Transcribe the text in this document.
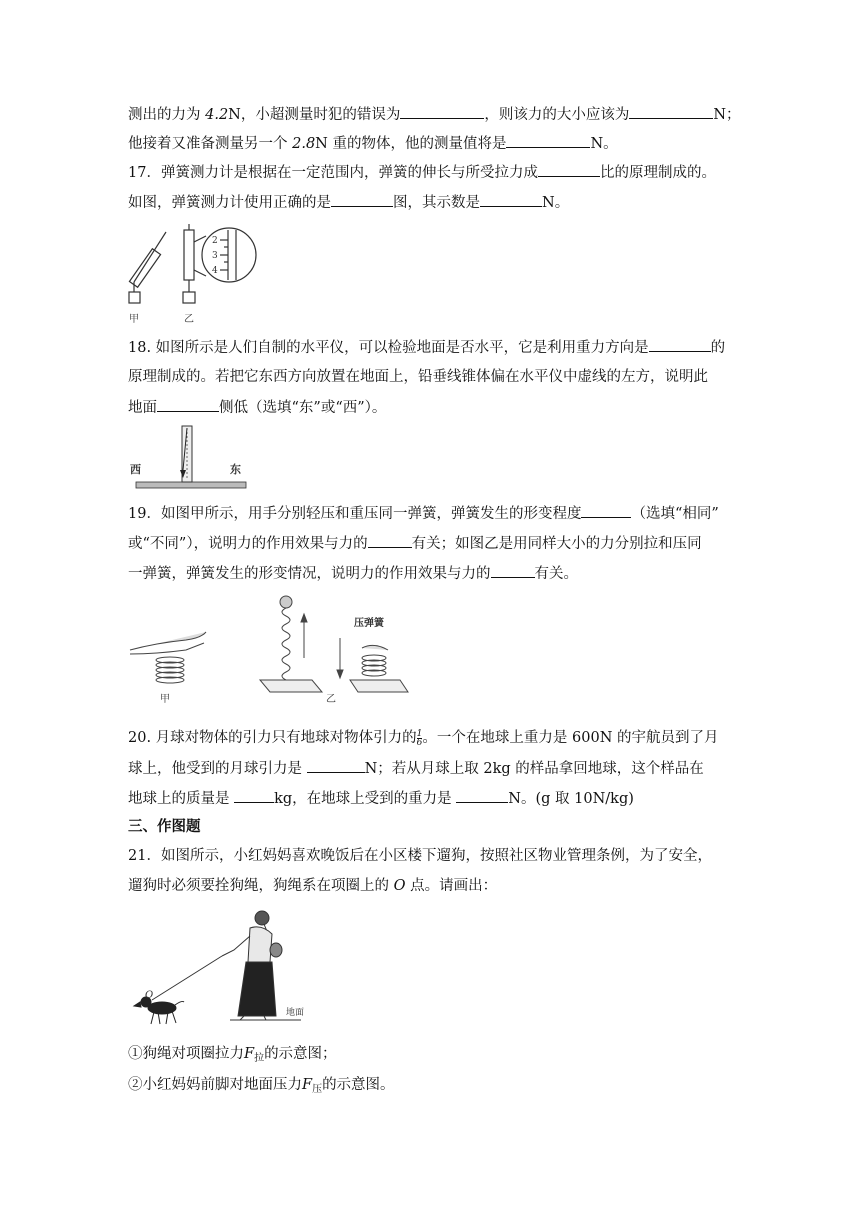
测出的力为 4.2N，小超测量时犯的错误为	，则该力的大小应该为	N；
他接着又准备测量另一个 2.8N 重的物体，他的测量值将是	N。
17．弹簧测力计是根据在一定范围内，弹簧的伸长与所受拉力成	比的原理制成的。
如图，弹簧测力计使用正确的是	图，其示数是	N。
2
3
4
甲	乙
18. 如图所示是人们自制的水平仪，可以检验地面是否水平，它是利用重力方向是	的
原理制成的。若把它东西方向放置在地面上，铅垂线锥体偏在水平仪中虚线的左方，说明此
地面	侧低（选填“东”或“西”）。
西	东
19．如图甲所示，用手分别轻压和重压同一弹簧，弹簧发生的形变程度	（选填“相同”
或“不同”），说明力的作用效果与力的	有关；如图乙是用同样大小的力分别拉和压同
一弹簧，弹簧发生的形变情况，说明力的作用效果与力的	有关。
甲	乙
压弹簧
20. 月球对物体的引力只有地球对物体引力的 $\frac{1}{6}$ 。一个在地球上重力是 600N 的宇航员到了月
球上，他受到的月球引力是	N；若从月球上取 2kg 的样品拿回地球，这个样品在
地球上的质量是	kg，在地球上受到的重力是	N。(g 取 10N/kg)
三、作图题
21．如图所示，小红妈妈喜欢晚饭后在小区楼下遛狗，按照社区物业管理条例，为了安全，
遛狗时必须要拴狗绳，狗绳系在项圈上的 O 点。请画出：
地面
O
①狗绳对项圈拉力$F_拉$的示意图；
②小红妈妈前脚对地面压力$F_压$的示意图。
